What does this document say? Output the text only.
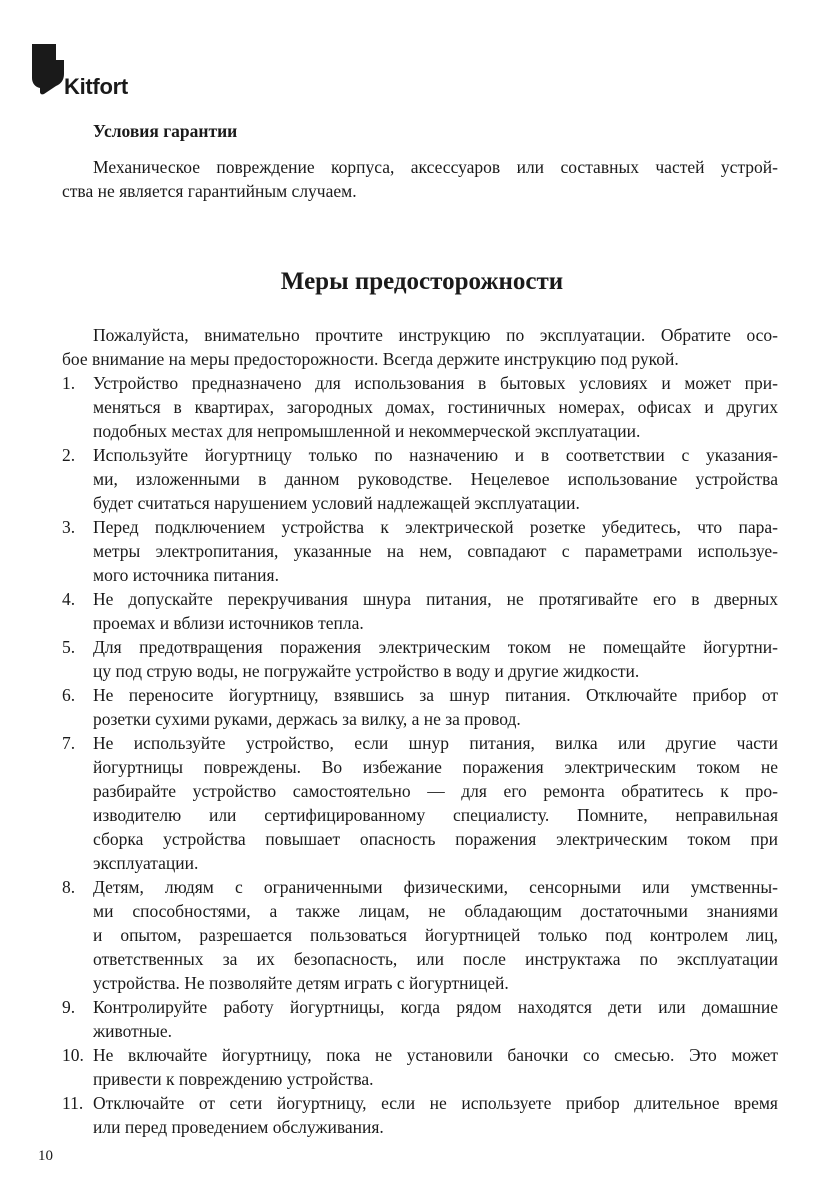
Kitfort
Условия гарантии

Механическое повреждение корпуса, аксессуаров или составных частей устрой-
ства не является гарантийным случаем.

Меры предосторожности

Пожалуйста, внимательно прочтите инструкцию по эксплуатации. Обратите осо-
бое внимание на меры предосторожности. Всегда держите инструкцию под рукой.

1.	Устройство предназначено для использования в бытовых условиях и может при-
меняться в квартирах, загородных домах, гостиничных номерах, офисах и других
подобных местах для непромышленной и некоммерческой эксплуатации.
2.	Используйте йогуртницу только по назначению и в соответствии с указания-
ми, изложенными в данном руководстве. Нецелевое использование устройства
будет считаться нарушением условий надлежащей эксплуатации.
3.	Перед подключением устройства к электрической розетке убедитесь, что пара-
метры электропитания, указанные на нем, совпадают с параметрами используе-
мого источника питания.
4.	Не допускайте перекручивания шнура питания, не протягивайте его в дверных
проемах и вблизи источников тепла.
5.	Для предотвращения поражения электрическим током не помещайте йогуртни-
цу под струю воды, не погружайте устройство в воду и другие жидкости.
6.	Не переносите йогуртницу, взявшись за шнур питания. Отключайте прибор от
розетки сухими руками, держась за вилку, а не за провод.
7.	Не используйте устройство, если шнур питания, вилка или другие части
йогуртницы повреждены. Во избежание поражения электрическим током не
разбирайте устройство самостоятельно — для его ремонта обратитесь к про-
изводителю или сертифицированному специалисту. Помните, неправильная
сборка устройства повышает опасность поражения электрическим током при
эксплуатации.
8.	Детям, людям с ограниченными физическими, сенсорными или умственны-
ми способностями, а также лицам, не обладающим достаточными знаниями
и опытом, разрешается пользоваться йогуртницей только под контролем лиц,
ответственных за их безопасность, или после инструктажа по эксплуатации
устройства. Не позволяйте детям играть с йогуртницей.
9.	Контролируйте работу йогуртницы, когда рядом находятся дети или домашние
животные.
10. Не включайте йогуртницу, пока не установили баночки со смесью. Это может
привести к повреждению устройства.
11. Отключайте от сети йогуртницу, если не используете прибор длительное время
или перед проведением обслуживания.
10
